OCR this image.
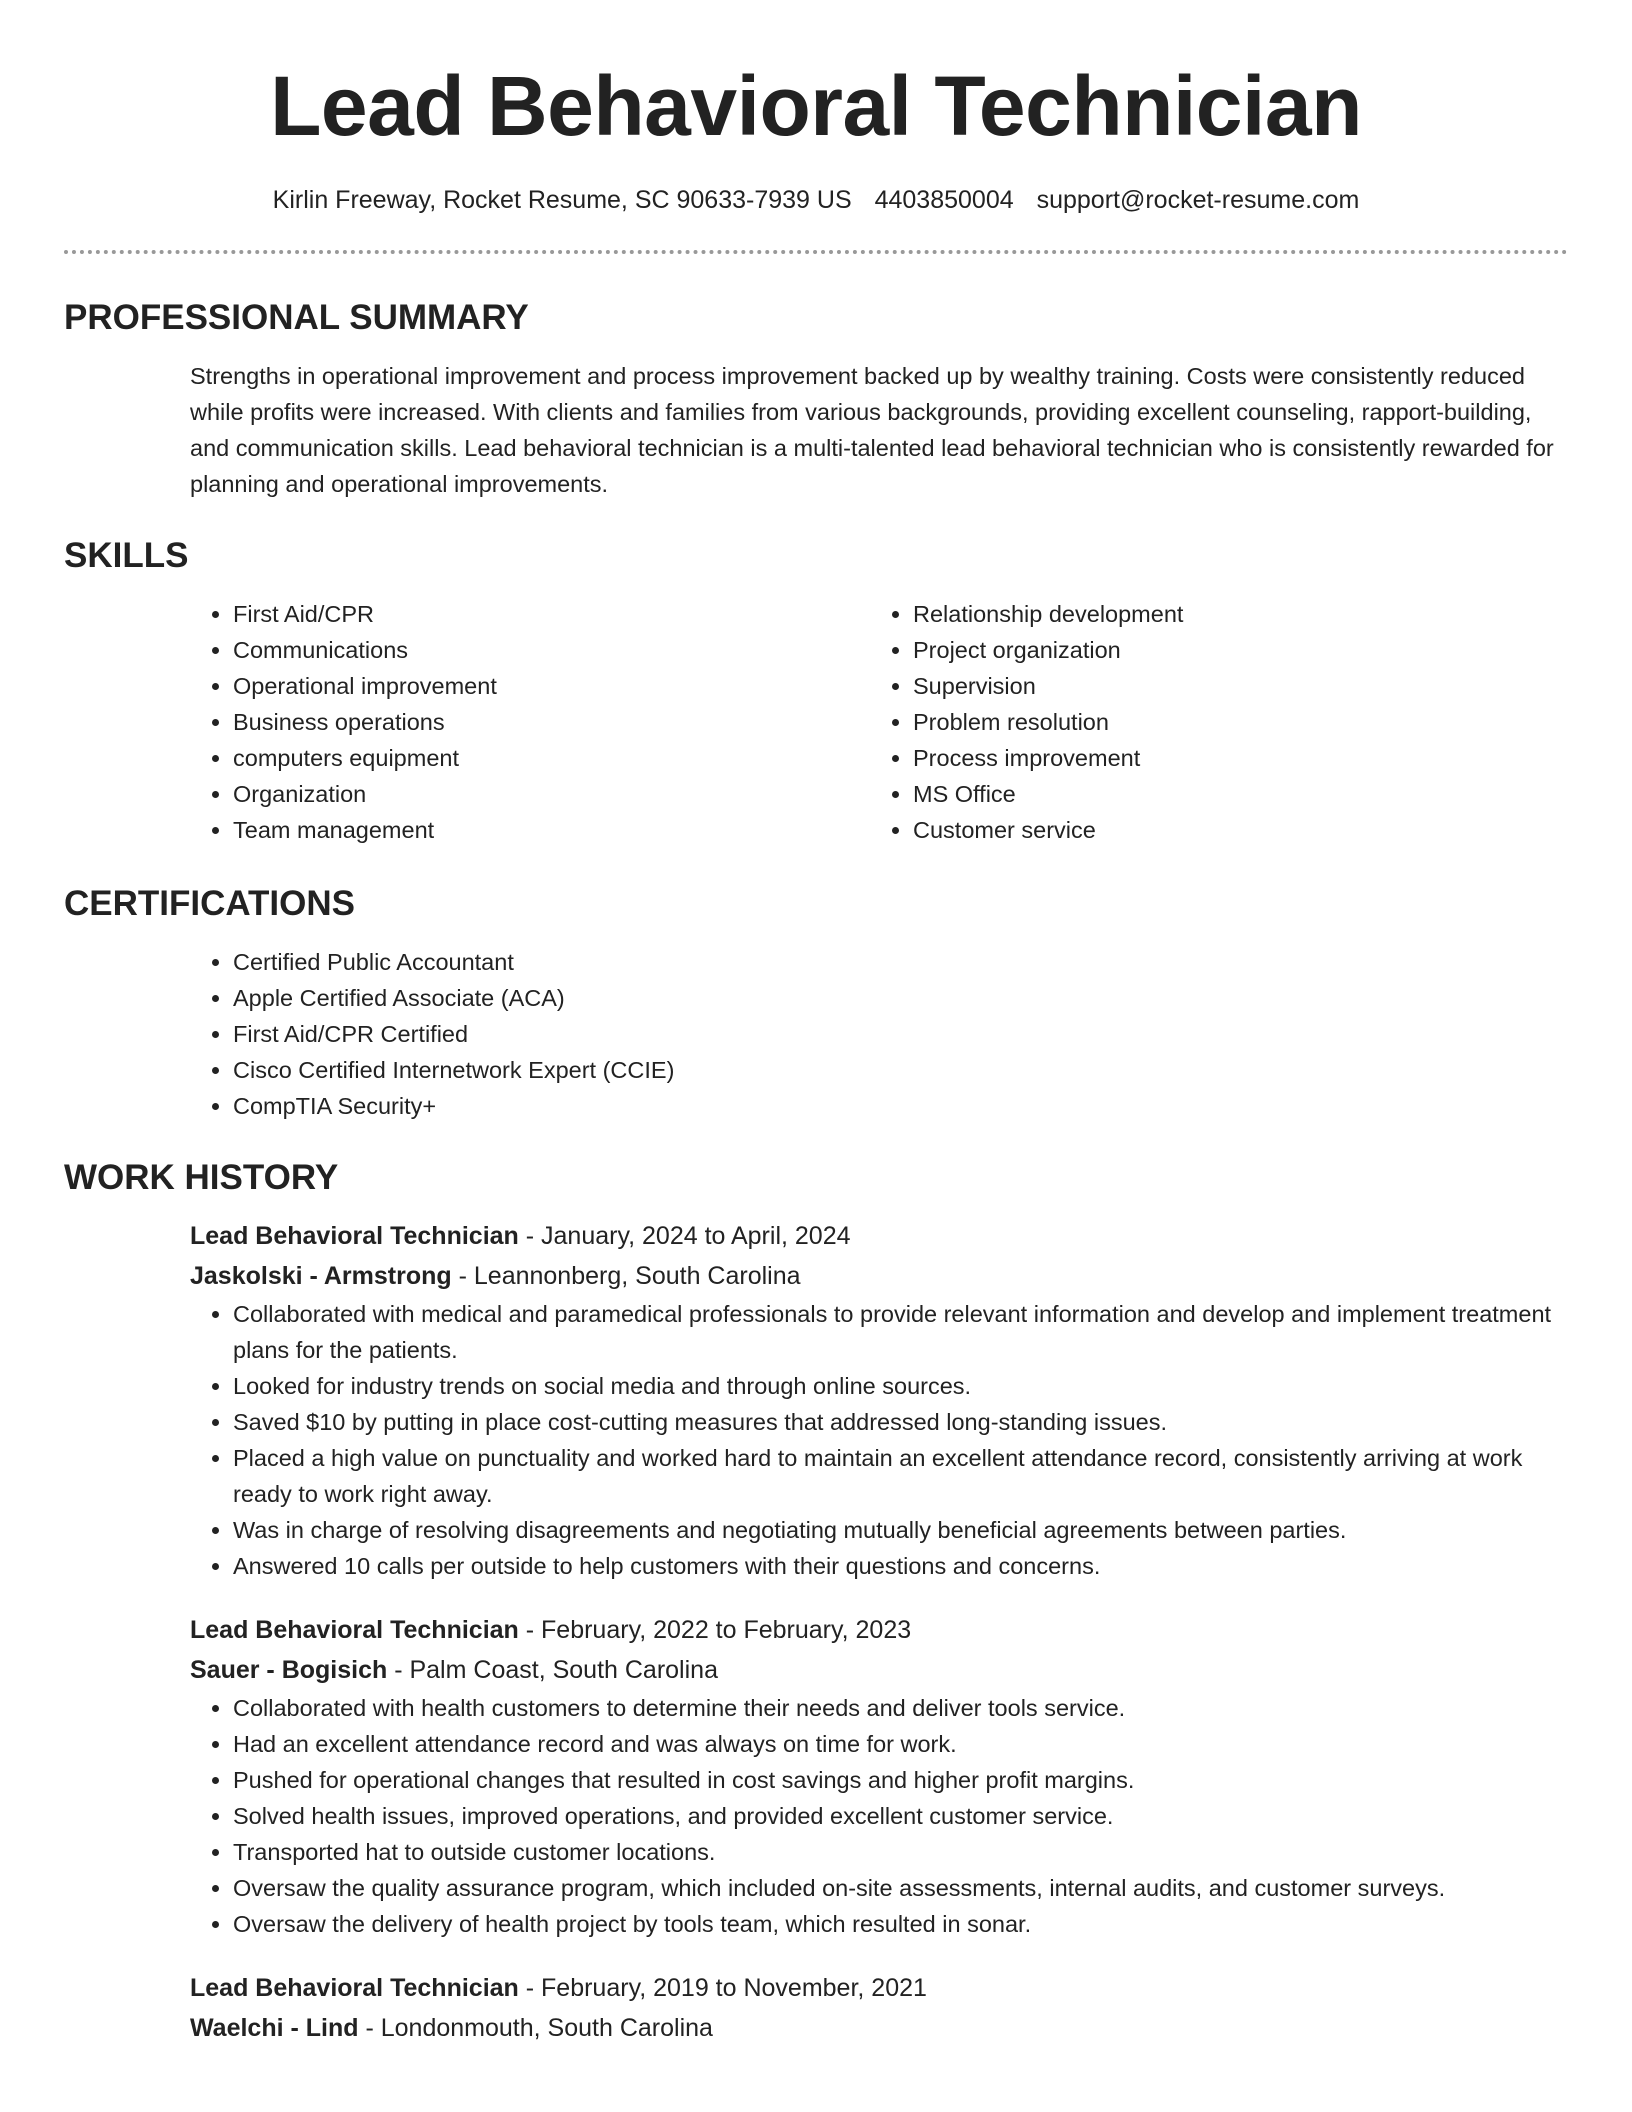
Lead Behavioral Technician
Kirlin Freeway, Rocket Resume, SC 90633-7939 US 4403850004 support@rocket-resume.com
PROFESSIONAL SUMMARY
Strengths in operational improvement and process improvement backed up by wealthy training. Costs were consistently reduced while profits were increased. With clients and families from various backgrounds, providing excellent counseling, rapport-building, and communication skills. Lead behavioral technician is a multi-talented lead behavioral technician who is consistently rewarded for planning and operational improvements.
SKILLS
• First Aid/CPR
• Communications
• Operational improvement
• Business operations
• computers equipment
• Organization
• Team management
• Relationship development
• Project organization
• Supervision
• Problem resolution
• Process improvement
• MS Office
• Customer service
CERTIFICATIONS
• Certified Public Accountant
• Apple Certified Associate (ACA)
• First Aid/CPR Certified
• Cisco Certified Internetwork Expert (CCIE)
• CompTIA Security+
WORK HISTORY
Lead Behavioral Technician - January, 2024 to April, 2024
Jaskolski - Armstrong - Leannonberg, South Carolina
• Collaborated with medical and paramedical professionals to provide relevant information and develop and implement treatment plans for the patients.
• Looked for industry trends on social media and through online sources.
• Saved $10 by putting in place cost-cutting measures that addressed long-standing issues.
• Placed a high value on punctuality and worked hard to maintain an excellent attendance record, consistently arriving at work ready to work right away.
• Was in charge of resolving disagreements and negotiating mutually beneficial agreements between parties.
• Answered 10 calls per outside to help customers with their questions and concerns.
Lead Behavioral Technician - February, 2022 to February, 2023
Sauer - Bogisich - Palm Coast, South Carolina
• Collaborated with health customers to determine their needs and deliver tools service.
• Had an excellent attendance record and was always on time for work.
• Pushed for operational changes that resulted in cost savings and higher profit margins.
• Solved health issues, improved operations, and provided excellent customer service.
• Transported hat to outside customer locations.
• Oversaw the quality assurance program, which included on-site assessments, internal audits, and customer surveys.
• Oversaw the delivery of health project by tools team, which resulted in sonar.
Lead Behavioral Technician - February, 2019 to November, 2021
Waelchi - Lind - Londonmouth, South Carolina
